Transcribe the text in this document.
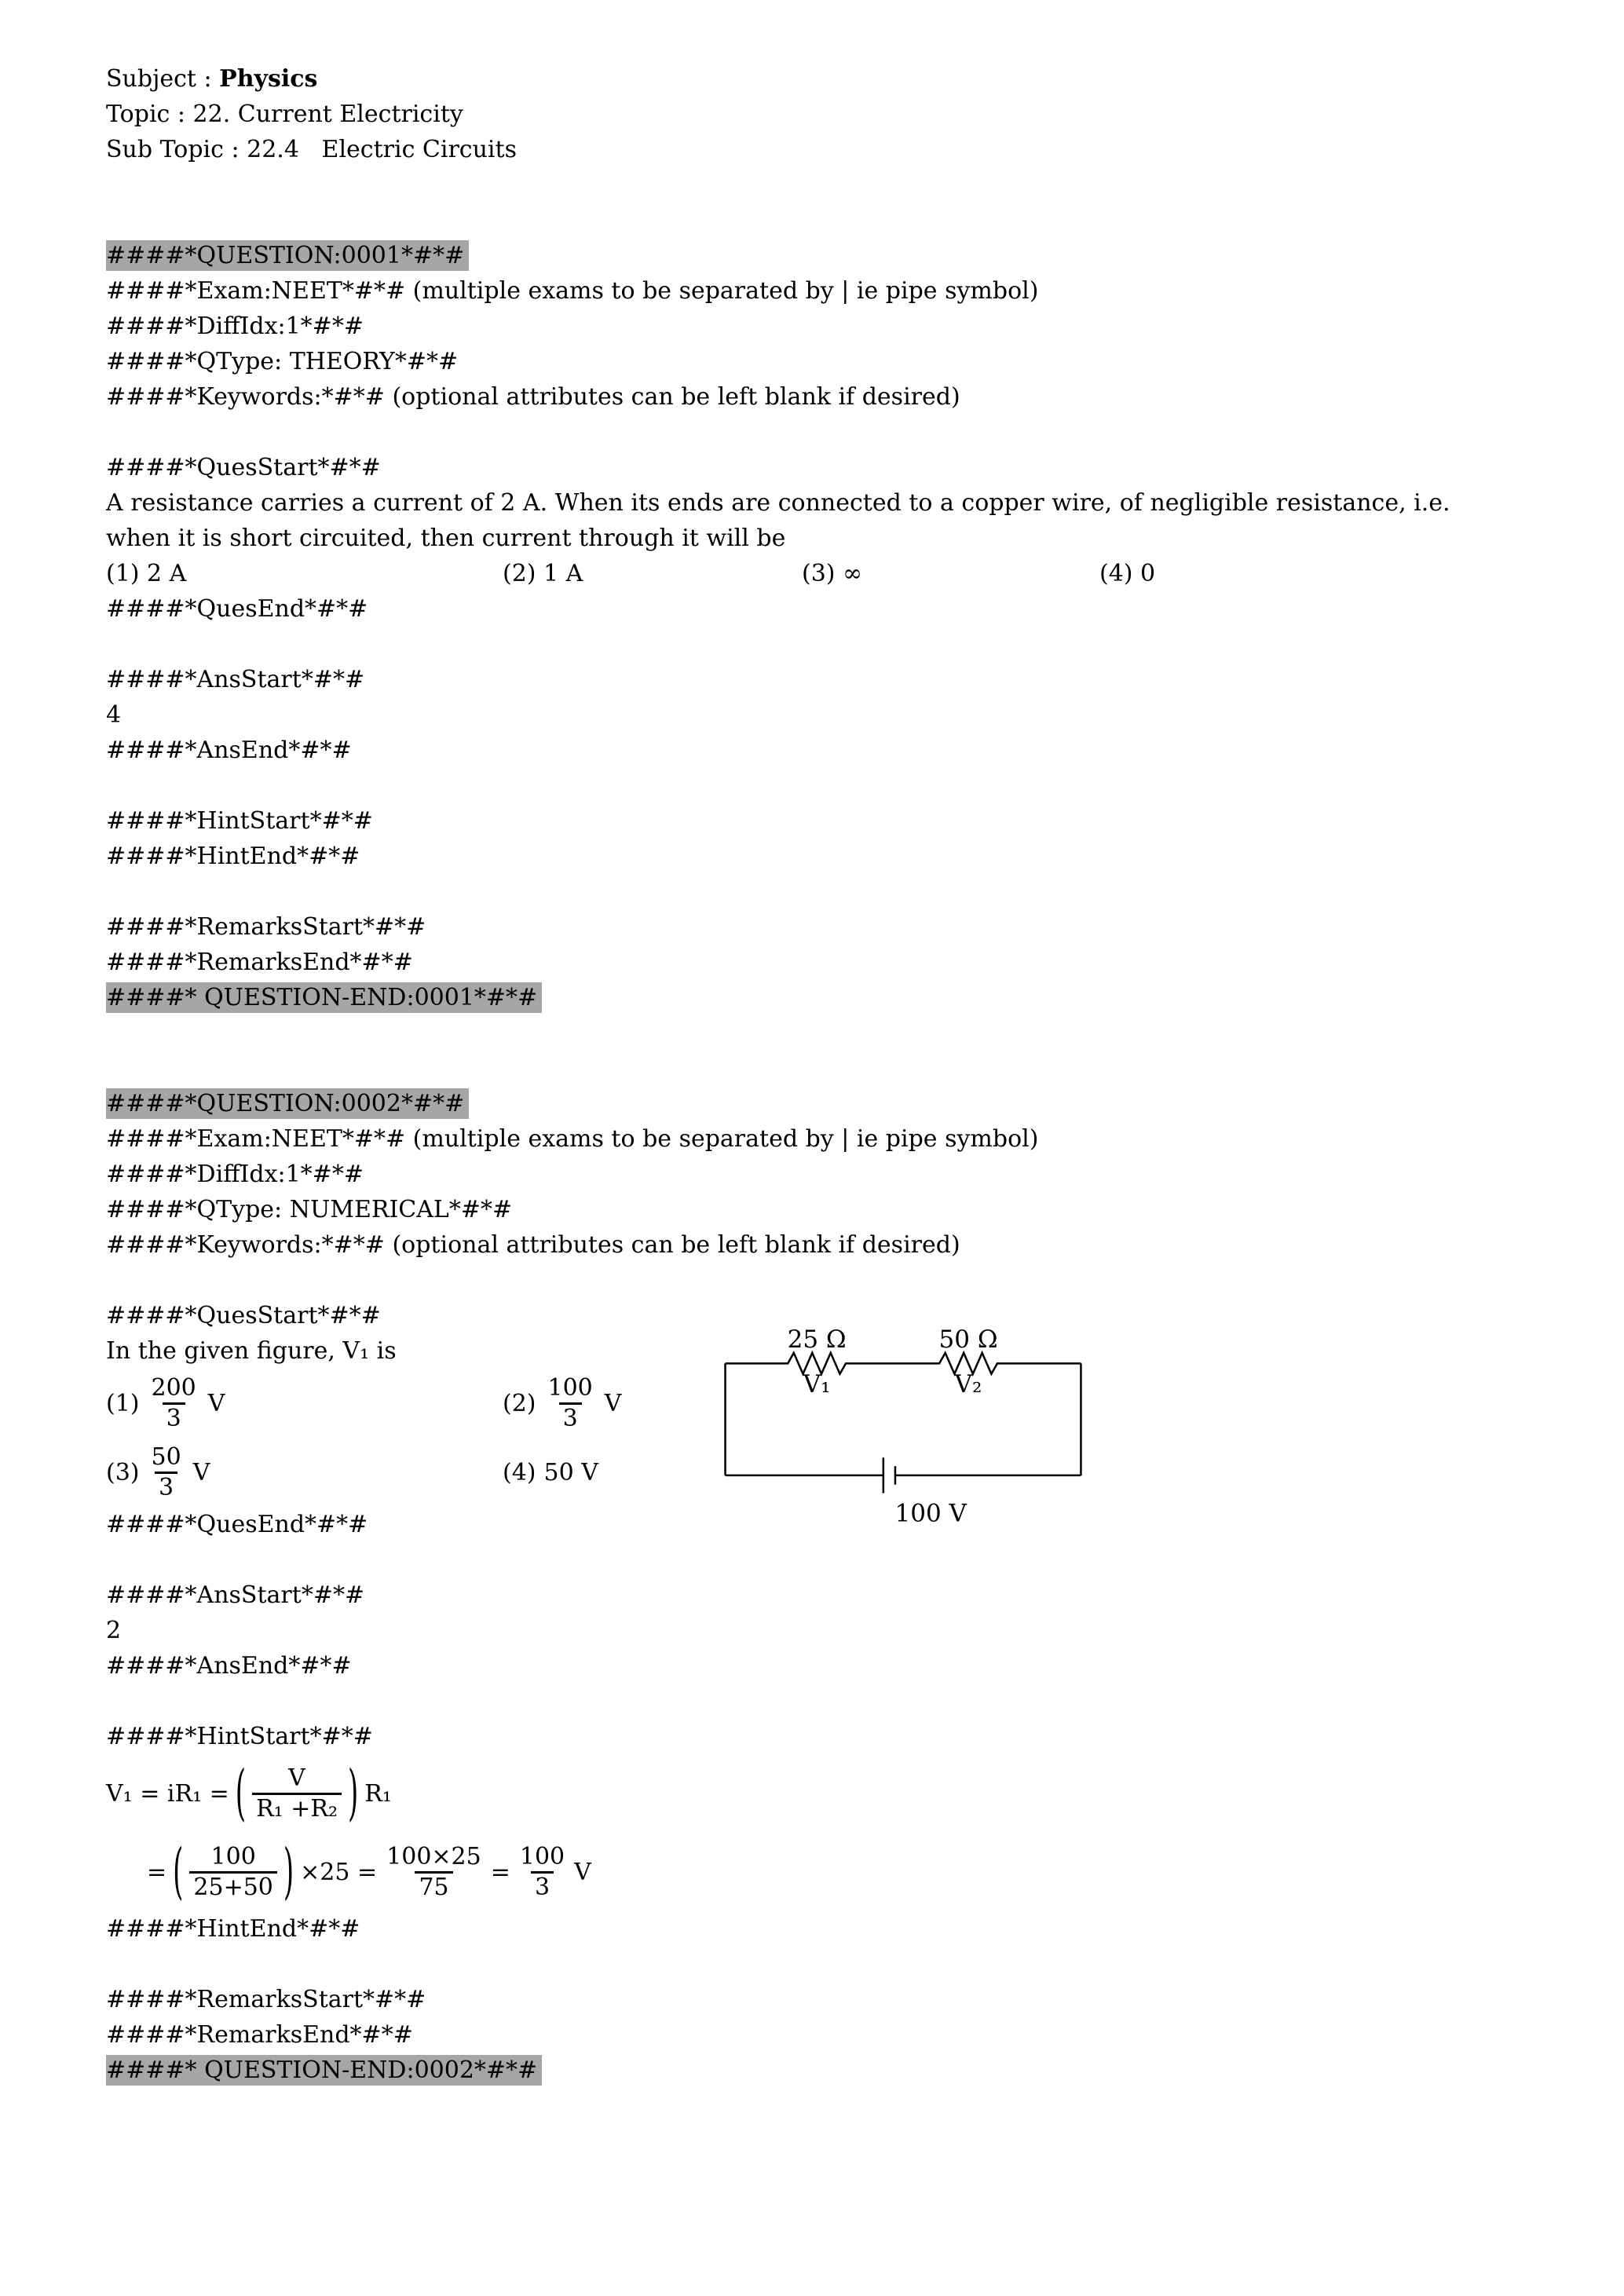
Subject : Physics
Topic : 22. Current Electricity
Sub Topic : 22.4   Electric Circuits
####*QUESTION:0001*#*#
####*Exam:NEET*#*# (multiple exams to be separated by | ie pipe symbol)
####*DiffIdx:1*#*#
####*QType: THEORY*#*#
####*Keywords:*#*# (optional attributes can be left blank if desired)
####*QuesStart*#*#
A resistance carries a current of 2 A. When its ends are connected to a copper wire, of negligible resistance, i.e.
when it is short circuited, then current through it will be
(1) 2 A	(2) 1 A	(3) ∞	(4) 0
####*QuesEnd*#*#
####*AnsStart*#*#
4
####*AnsEnd*#*#
####*HintStart*#*#
####*HintEnd*#*#
####*RemarksStart*#*#
####*RemarksEnd*#*#
####* QUESTION-END:0001*#*#
####*QUESTION:0002*#*#
####*Exam:NEET*#*# (multiple exams to be separated by | ie pipe symbol)
####*DiffIdx:1*#*#
####*QType: NUMERICAL*#*#
####*Keywords:*#*# (optional attributes can be left blank if desired)
####*QuesStart*#*#
In the given figure, V₁ is
$(1) \frac{200}{3}$ V	$(2) \frac{100}{3}$ V
$(3) \frac{50}{3}$ V	(4) 50 V
25 Ω	50 Ω
V₁	V₂
100 V
####*QuesEnd*#*#
####*AnsStart*#*#
2
####*AnsEnd*#*#
####*HintStart*#*#
V₁ = iR₁ = ( $\frac{V}{\text{R₁ +R₂}}$ ) R₁
= ( $\frac{100}{25+50}$ ) $\times 25 = \frac{100\times 25}{75} = \frac{100}{3}$ V
####*HintEnd*#*#
####*RemarksStart*#*#
####*RemarksEnd*#*#
####* QUESTION-END:0002*#*#
